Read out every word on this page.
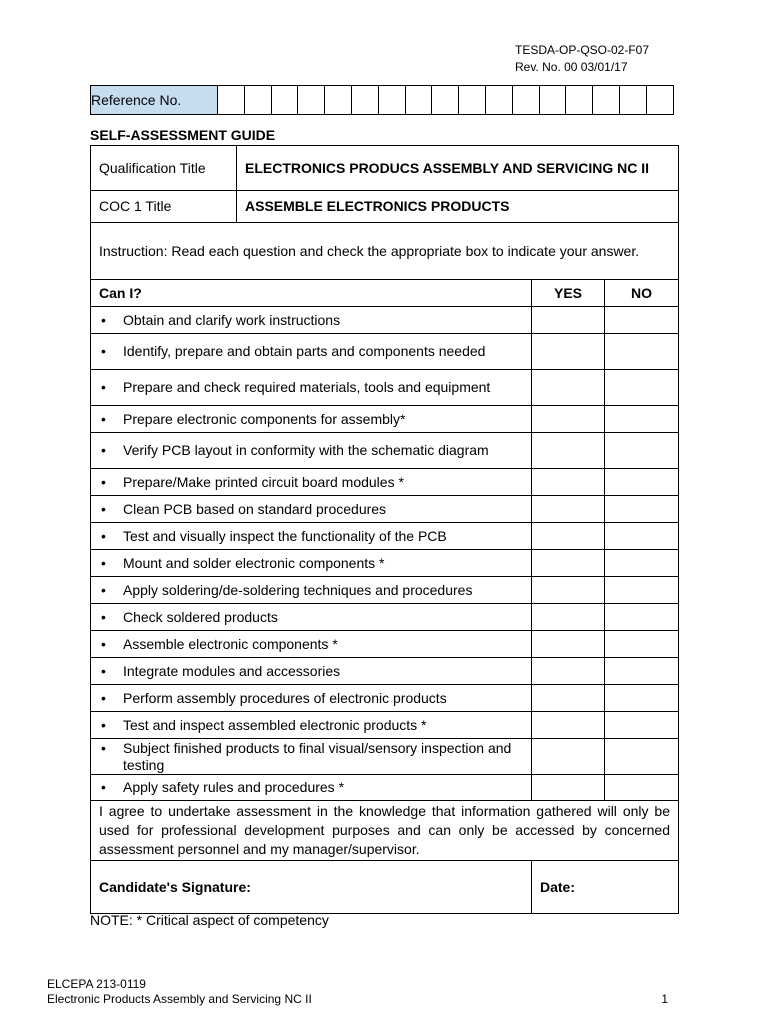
TESDA-OP-QSO-02-F07
Rev. No. 00 03/01/17
Reference No.
SELF-ASSESSMENT GUIDE
Qualification Title	ELECTRONICS PRODUCS ASSEMBLY AND SERVICING NC II		
COC 1 Title	ASSEMBLE ELECTRONICS PRODUCTS		
Instruction: Read each question and check the appropriate box to indicate your answer.			
Can I?		YES	NO

• Obtain and clarify work instructions

• Identify, prepare and obtain parts and components needed

• Prepare and check required materials, tools and equipment

• Prepare electronic components for assembly*

• Verify PCB layout in conformity with the schematic diagram

• Prepare/Make printed circuit board modules *

• Clean PCB based on standard procedures

• Test and visually inspect the functionality of the PCB

• Mount and solder electronic components *

• Apply soldering/de-soldering techniques and procedures

• Check soldered products

• Assemble electronic components *

• Integrate modules and accessories

• Perform assembly procedures of electronic products

• Test and inspect assembled electronic products *

• Subject finished products to final visual/sensory inspection and testing

• Apply safety rules and procedures *

I agree to undertake assessment in the knowledge that information gathered will only be used for professional development purposes and can only be accessed by concerned assessment personnel and my manager/supervisor.			
Candidate's Signature:		Date:	
NOTE: * Critical aspect of competency
ELCEPA 213-0119
Electronic Products Assembly and Servicing NC II	1
